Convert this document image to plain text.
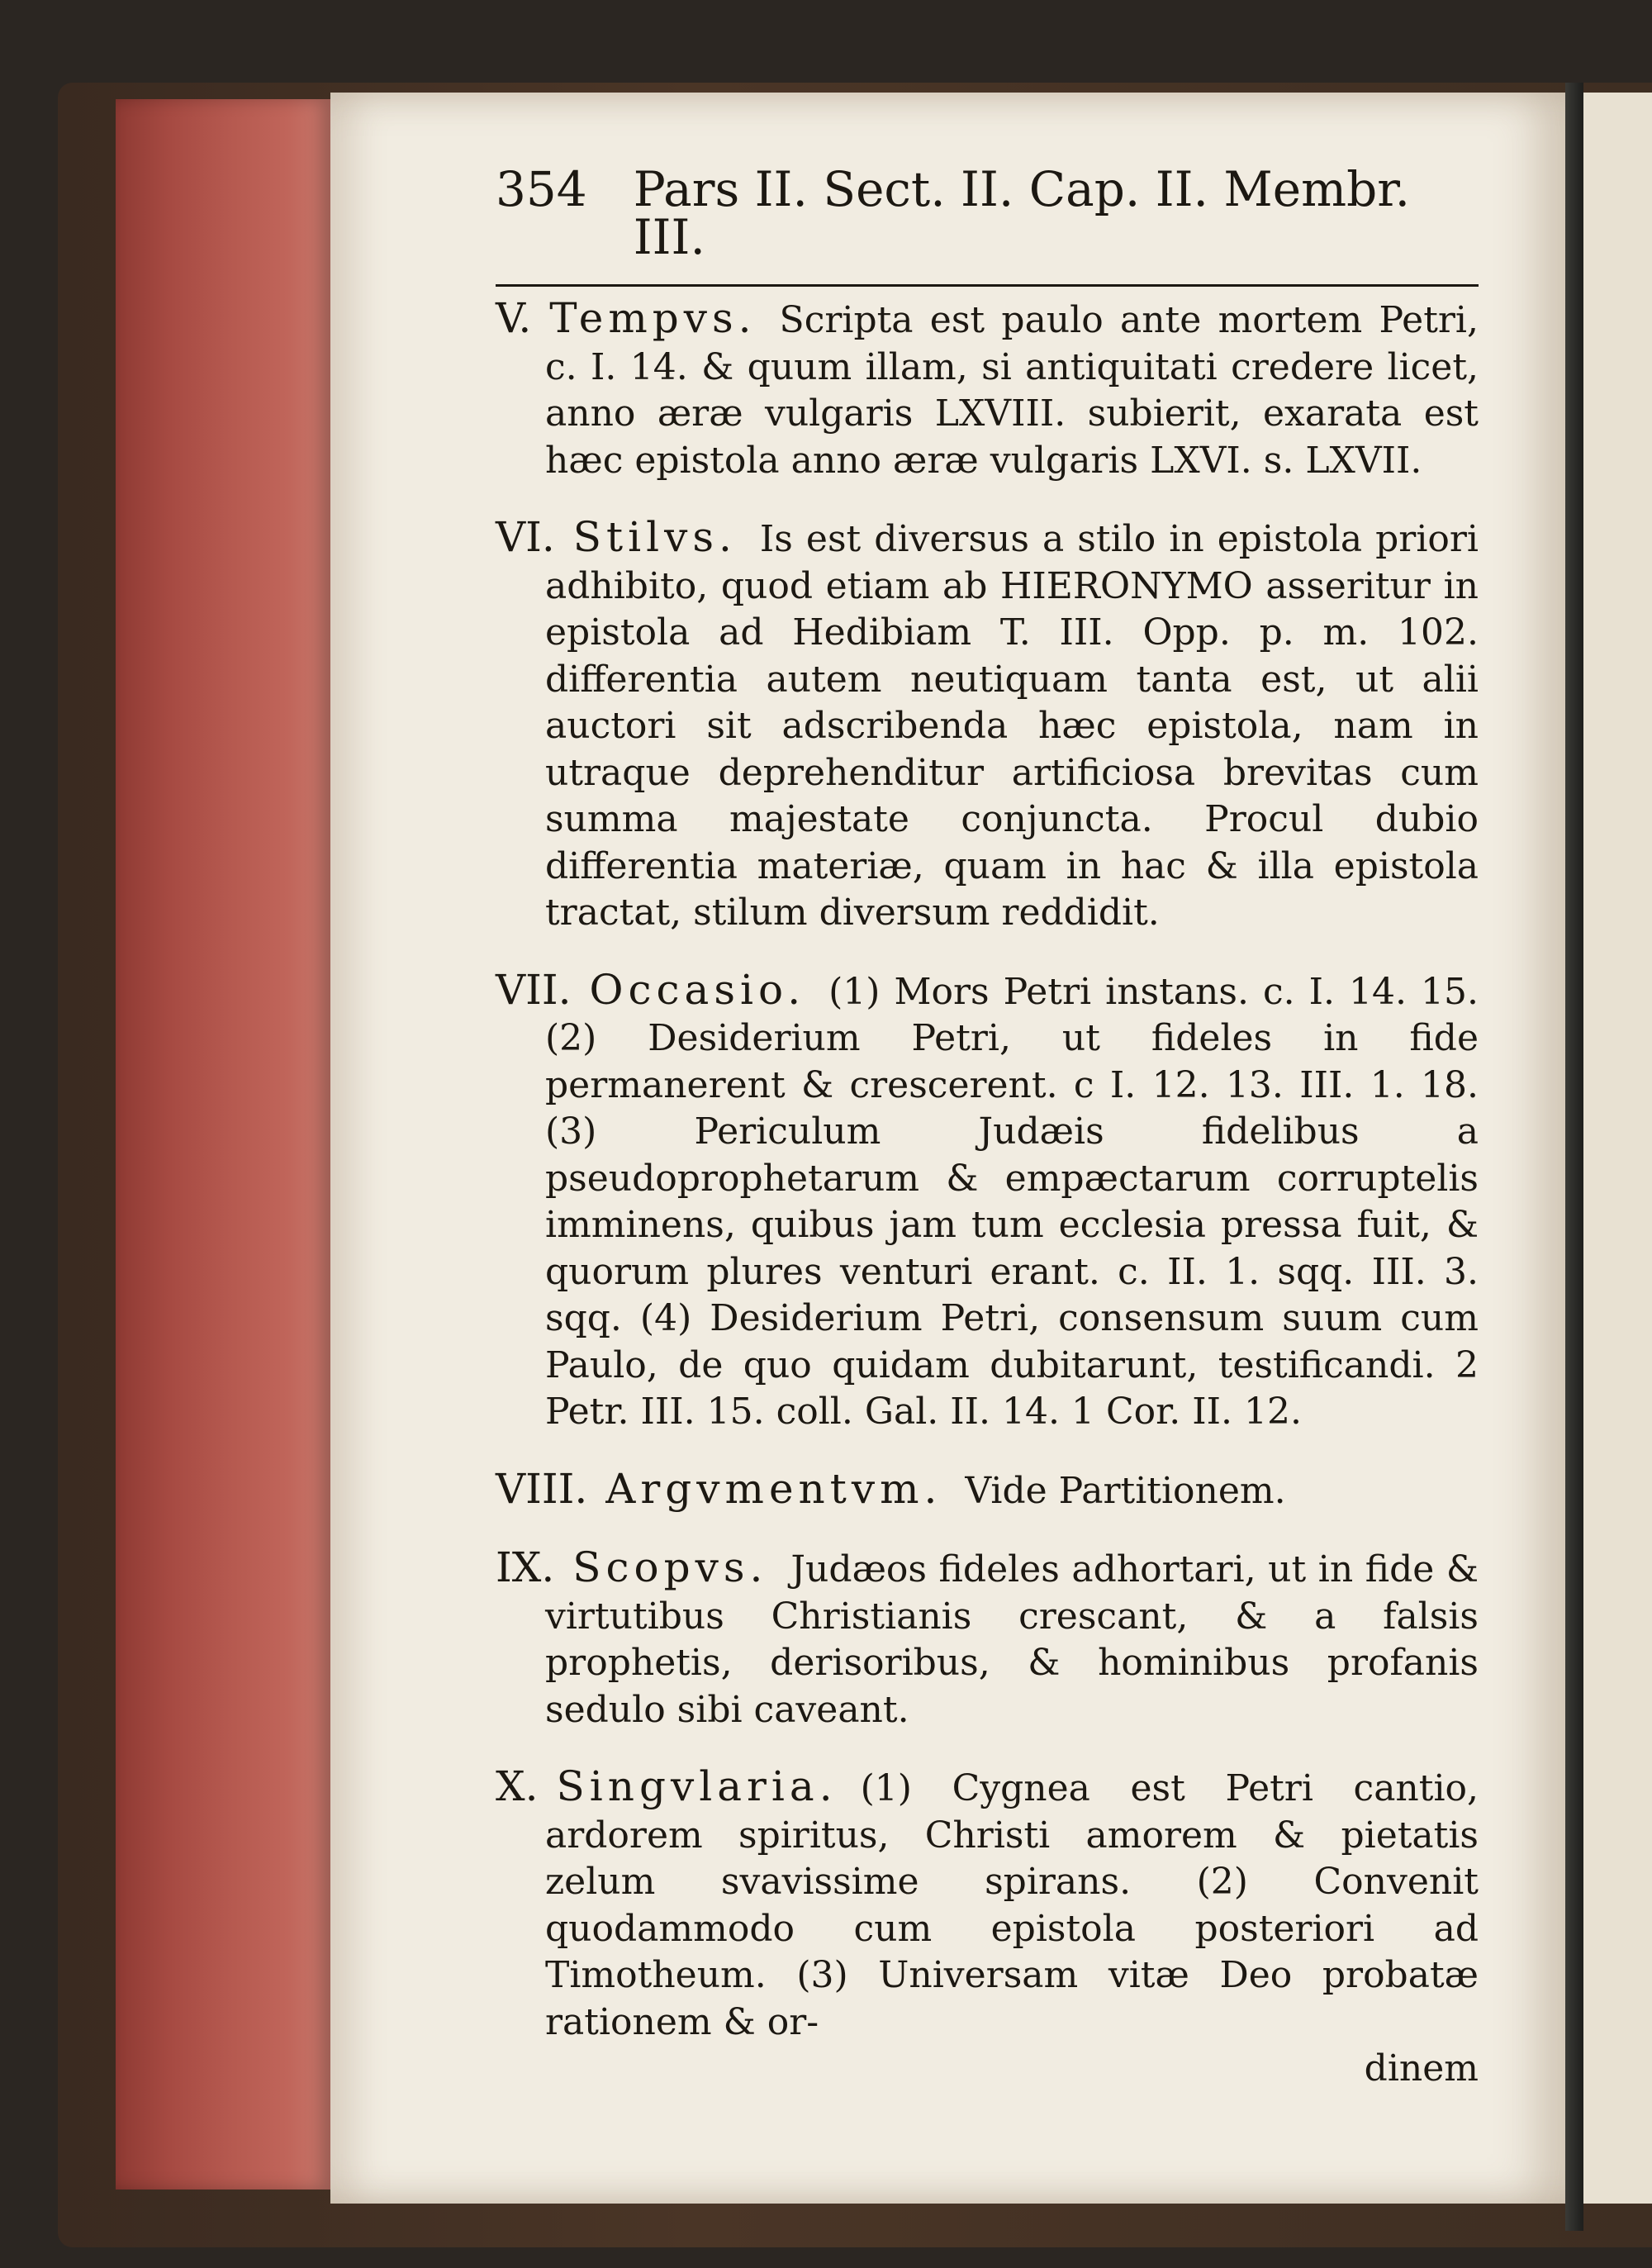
354 Pars II. Sect. II. Cap. II. Membr. III.
V. Tempvs. Scripta est paulo ante mortem Petri, c. I. 14. & quum illam, si antiquitati credere licet, anno æræ vulgaris LXVIII. subierit, exarata est hæc epistola anno æræ vulgaris LXVI. s. LXVII.
VI. Stilvs. Is est diversus a stilo in epistola priori adhibito, quod etiam ab HIERONYMO asseritur in epistola ad Hedibiam T. III. Opp. p. m. 102. differentia autem neutiquam tanta est, ut alii auctori sit adscribenda hæc epistola, nam in utraque deprehenditur artificiosa brevitas cum summa majestate conjuncta. Procul dubio differentia materiæ, quam in hac & illa epistola tractat, stilum diversum reddidit.
VII. Occasio. (1) Mors Petri instans. c. I. 14. 15. (2) Desiderium Petri, ut fideles in fide permanerent & crescerent. c I. 12. 13. III. 1. 18. (3) Periculum Judæis fidelibus a pseudoprophetarum & empæctarum corruptelis imminens, quibus jam tum ecclesia pressa fuit, & quorum plures venturi erant. c. II. 1. sqq. III. 3. sqq. (4) Desiderium Petri, consensum suum cum Paulo, de quo quidam dubitarunt, testificandi. 2 Petr. III. 15. coll. Gal. II. 14. 1 Cor. II. 12.
VIII. Argvmentvm. Vide Partitionem.
IX. Scopvs. Judæos fideles adhortari, ut in fide & virtutibus Christianis crescant, & a falsis prophetis, derisoribus, & hominibus profanis sedulo sibi caveant.
X. Singvlaria. (1) Cygnea est Petri cantio, ardorem spiritus, Christi amorem & pietatis zelum svavissime spirans. (2) Convenit quodammodo cum epistola posteriori ad Timotheum. (3) Universam vitæ Deo probatæ rationem & or-
dinem
